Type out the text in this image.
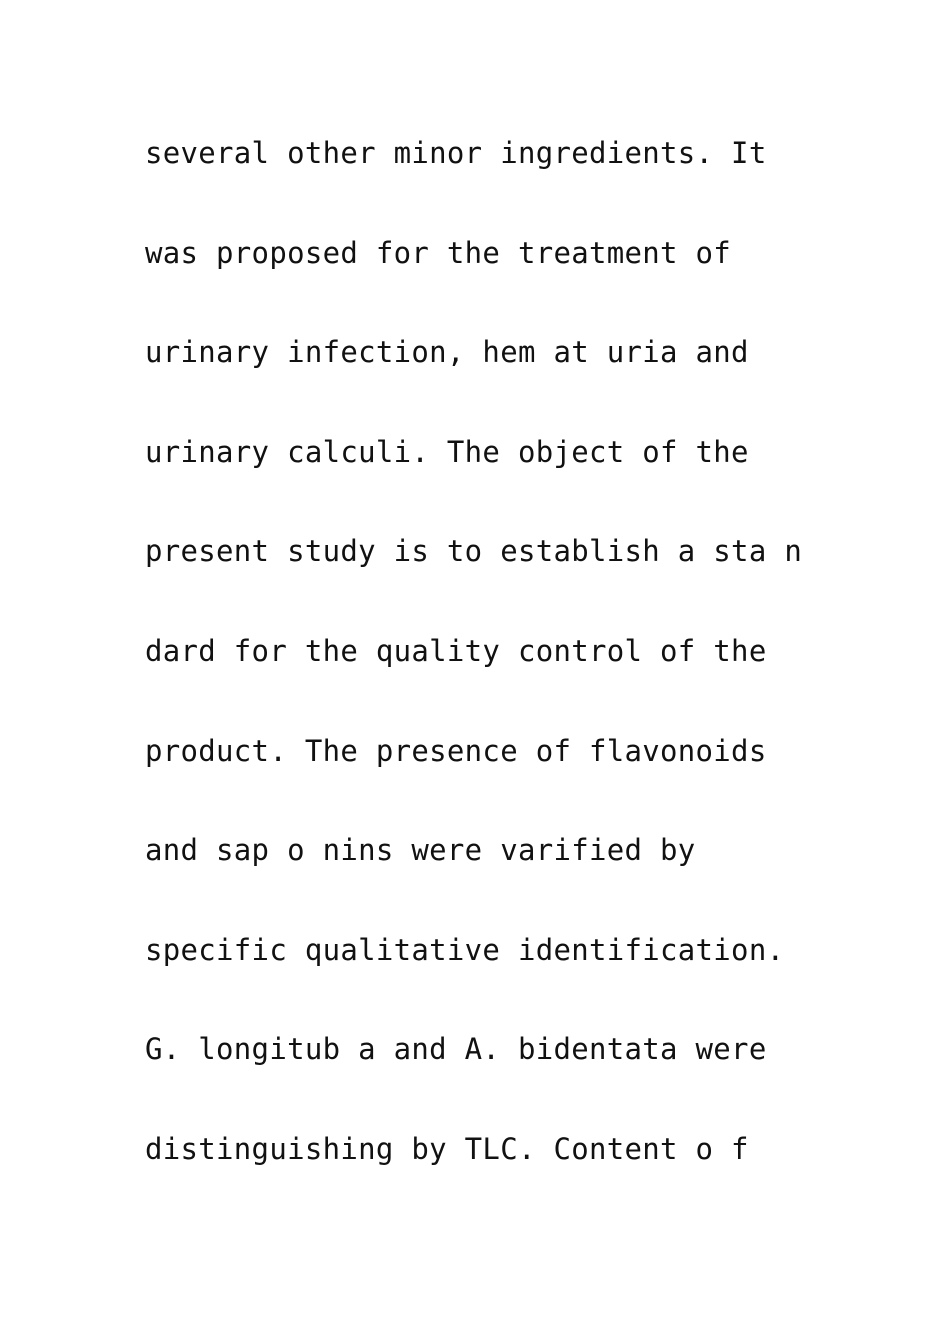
several other minor ingredients. It
was proposed for the treatment of
urinary infection, hem at uria and
urinary calculi. The object of the
present study is to establish a sta n
dard for the quality control of the
product. The presence of flavonoids
and sap o nins were varified by
specific qualitative identification.
G. longitub a and A. bidentata were
distinguishing by TLC. Content o f
